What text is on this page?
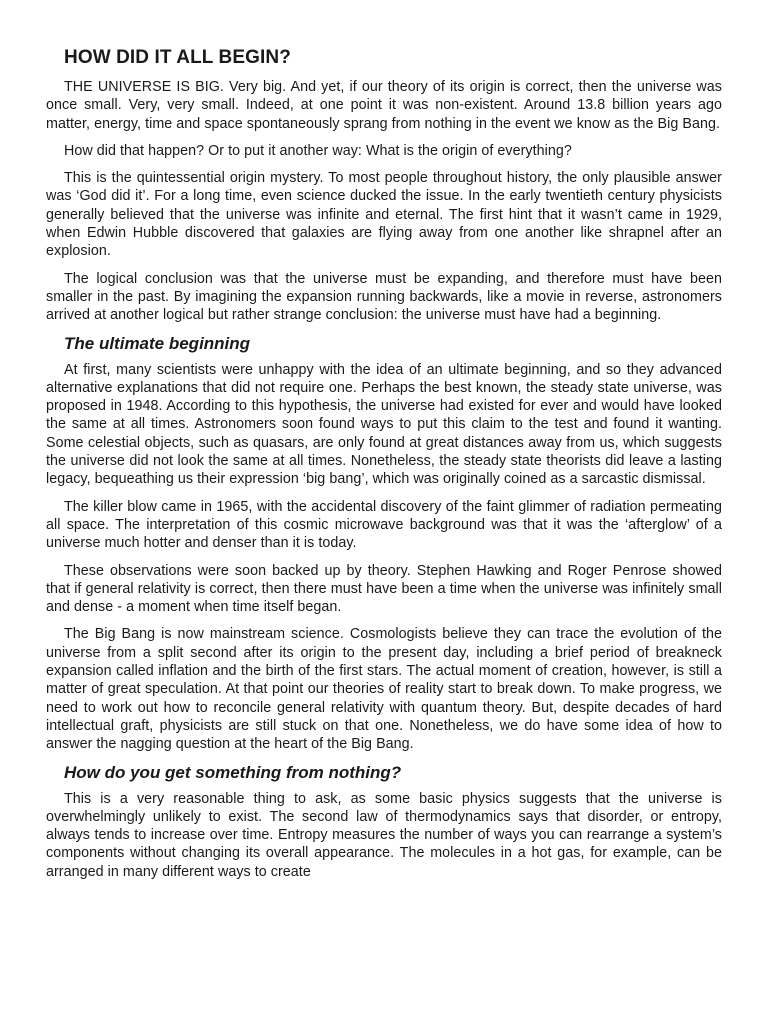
HOW DID IT ALL BEGIN?

THE UNIVERSE IS BIG. Very big. And yet, if our theory of its origin is correct, then the universe was once small. Very, very small. Indeed, at one point it was non-existent. Around 13.8 billion years ago matter, energy, time and space spontaneously sprang from nothing in the event we know as the Big Bang.

How did that happen? Or to put it another way: What is the origin of everything?

This is the quintessential origin mystery. To most people throughout history, the only plausible answer was ‘God did it’. For a long time, even science ducked the issue. In the early twentieth century physicists generally believed that the universe was infinite and eternal. The first hint that it wasn’t came in 1929, when Edwin Hubble discovered that galaxies are flying away from one another like shrapnel after an explosion.

The logical conclusion was that the universe must be expanding, and therefore must have been smaller in the past. By imagining the expansion running backwards, like a movie in reverse, astronomers arrived at another logical but rather strange conclusion: the universe must have had a beginning.

The ultimate beginning

At first, many scientists were unhappy with the idea of an ultimate beginning, and so they advanced alternative explanations that did not require one. Perhaps the best known, the steady state universe, was proposed in 1948. According to this hypothesis, the universe had existed for ever and would have looked the same at all times. Astronomers soon found ways to put this claim to the test and found it wanting. Some celestial objects, such as quasars, are only found at great distances away from us, which suggests the universe did not look the same at all times. Nonetheless, the steady state theorists did leave a lasting legacy, bequeathing us their expression ‘big bang’, which was originally coined as a sarcastic dismissal.

The killer blow came in 1965, with the accidental discovery of the faint glimmer of radiation permeating all space. The interpretation of this cosmic microwave background was that it was the ‘afterglow’ of a universe much hotter and denser than it is today.

These observations were soon backed up by theory. Stephen Hawking and Roger Penrose showed that if general relativity is correct, then there must have been a time when the universe was infinitely small and dense - a moment when time itself began.

The Big Bang is now mainstream science. Cosmologists believe they can trace the evolution of the universe from a split second after its origin to the present day, including a brief period of breakneck expansion called inflation and the birth of the first stars. The actual moment of creation, however, is still a matter of great speculation. At that point our theories of reality start to break down. To make progress, we need to work out how to reconcile general relativity with quantum theory. But, despite decades of hard intellectual graft, physicists are still stuck on that one. Nonetheless, we do have some idea of how to answer the nagging question at the heart of the Big Bang.

How do you get something from nothing?

This is a very reasonable thing to ask, as some basic physics suggests that the universe is overwhelmingly unlikely to exist. The second law of thermodynamics says that disorder, or entropy, always tends to increase over time. Entropy measures the number of ways you can rearrange a system’s components without changing its overall appearance. The molecules in a hot gas, for example, can be arranged in many different ways to create
